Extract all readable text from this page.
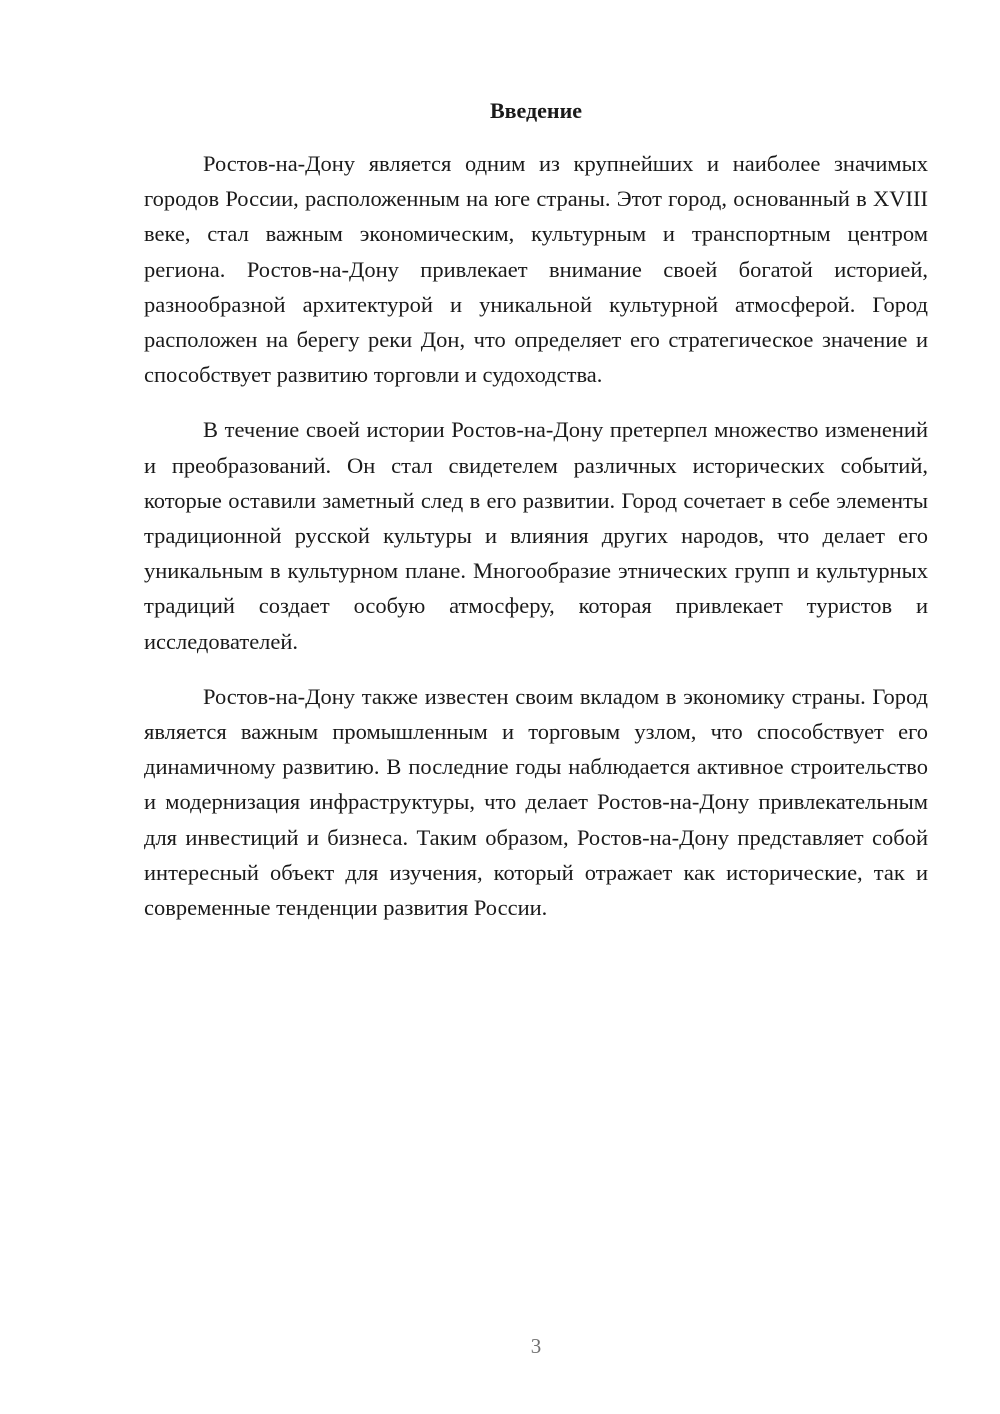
Введение

Ростов-на-Дону является одним из крупнейших и наиболее значимых городов России, расположенным на юге страны. Этот город, основанный в XVIII веке, стал важным экономическим, культурным и транспортным центром региона. Ростов-на-Дону привлекает внимание своей богатой историей, разнообразной архитектурой и уникальной культурной атмосферой. Город расположен на берегу реки Дон, что определяет его стратегическое значение и способствует развитию торговли и судоходства.

В течение своей истории Ростов-на-Дону претерпел множество изменений и преобразований. Он стал свидетелем различных исторических событий, которые оставили заметный след в его развитии. Город сочетает в себе элементы традиционной русской культуры и влияния других народов, что делает его уникальным в культурном плане. Многообразие этнических групп и культурных традиций создает особую атмосферу, которая привлекает туристов и исследователей.

Ростов-на-Дону также известен своим вкладом в экономику страны. Город является важным промышленным и торговым узлом, что способствует его динамичному развитию. В последние годы наблюдается активное строительство и модернизация инфраструктуры, что делает Ростов-на-Дону привлекательным для инвестиций и бизнеса. Таким образом, Ростов-на-Дону представляет собой интересный объект для изучения, который отражает как исторические, так и современные тенденции развития России.

3
